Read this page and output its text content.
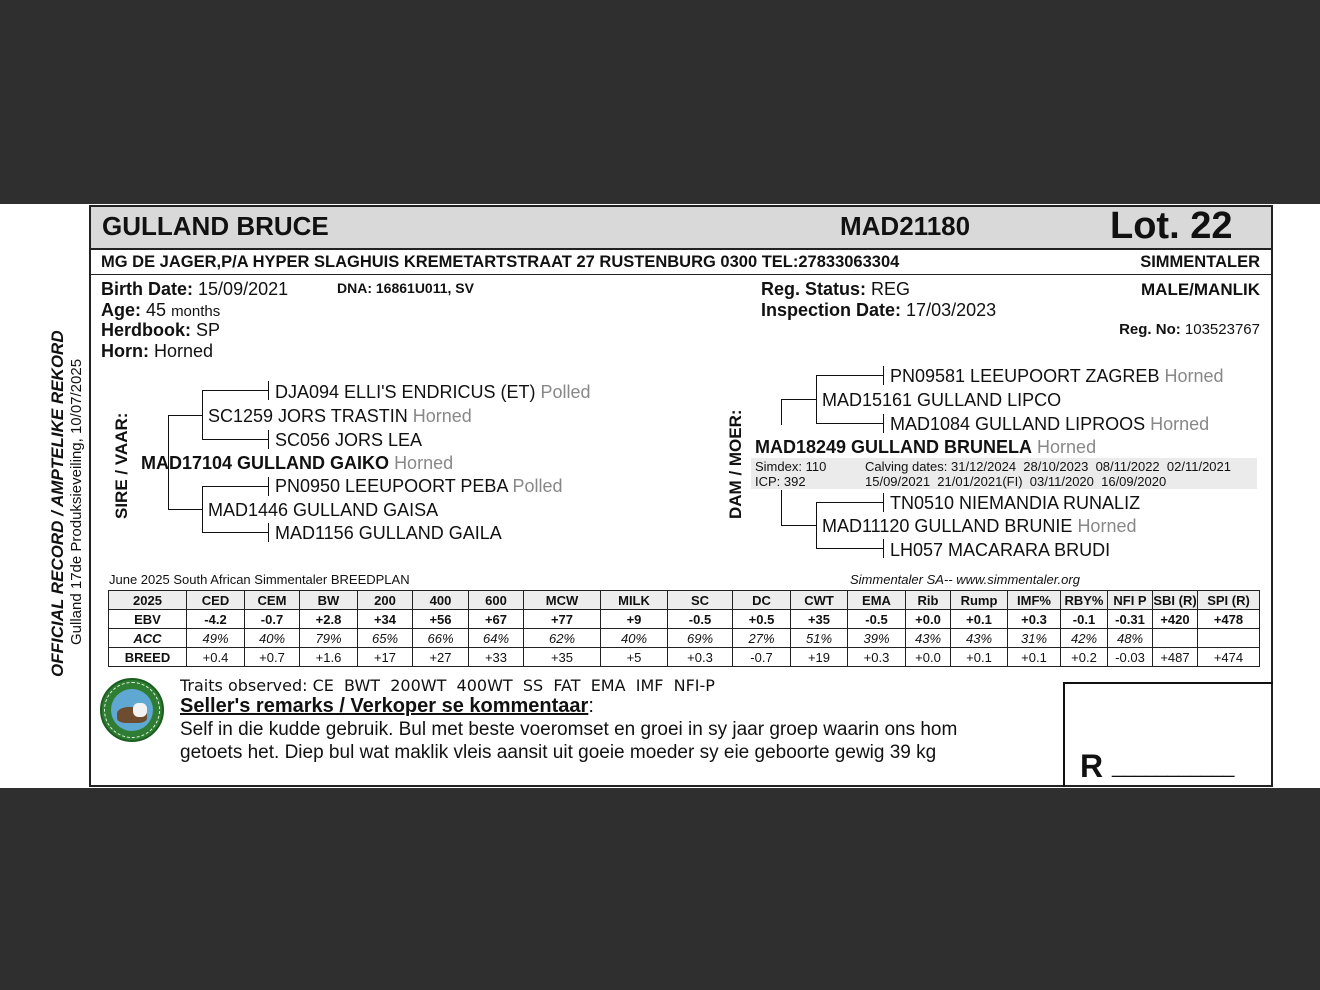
GULLAND BRUCE	MAD21180	Lot. 22
MG DE JAGER,P/A HYPER SLAGHUIS KREMETARTSTRAAT 27 RUSTENBURG 0300 TEL:27833063304	SIMMENTALER
Birth Date: 15/09/2021	DNA: 16861U011, SV
Age: 45 months
Herdbook: SP
Horn: Horned
Reg. Status: REG
Inspection Date: 17/03/2023
MALE/MANLIK
Reg. No: 103523767
OFFICIAL RECORD / AMPTELIKE REKORD Gulland 17de Produksieveiling, 10/07/2025 SIRE / VAAR:	DAM / MOER:
DJA094 ELLI'S ENDRICUS (ET) Polled
SC1259 JORS TRASTIN Horned
SC056 JORS LEA
MAD17104 GULLAND GAIKO Horned
PN0950 LEEUPOORT PEBA Polled
MAD1446 GULLAND GAISA
MAD1156 GULLAND GAILA
PN09581 LEEUPOORT ZAGREB Horned
MAD15161 GULLAND LIPCO
MAD1084 GULLAND LIPROOS Horned
MAD18249 GULLAND BRUNELA Horned
Simdex: 110
ICP: 392
Calving dates: 31/12/2024  28/10/2023  08/11/2022  02/11/2021
15/09/2021  21/01/2021(FI)  03/11/2020  16/09/2020
TN0510 NIEMANDIA RUNALIZ
MAD11120 GULLAND BRUNIE Horned
LH057 MACARARA BRUDI
June 2025 South African Simmentaler BREEDPLAN	Simmentaler SA-- www.simmentaler.org
2025	CED	CEM	BW	200	400	600	MCW	MILK	SC	DC	CWT	EMA	Rib	Rump	IMF%	RBY%	NFI P	SBI (R)	SPI (R)
EBV	-4.2	-0.7	+2.8	+34	+56	+67	+77	+9	-0.5	+0.5	+35	-0.5	+0.0	+0.1	+0.3	-0.1	-0.31	+420	+478
ACC	49%	40%	79%	65%	66%	64%	62%	40%	69%	27%	51%	39%	43%	43%	31%	42%	48%		
BREED	+0.4	+0.7	+1.6	+17	+27	+33	+35	+5	+0.3	-0.7	+19	+0.3	+0.0	+0.1	+0.1	+0.2	-0.03	+487	+474
R ___________
Traits observed: CE  BWT  200WT  400WT  SS  FAT  EMA  IMF  NFI-P
Seller's remarks / Verkoper se kommentaar:
Self in die kudde gebruik. Bul met beste voeromset en groei in sy jaar groep waarin ons hom
getoets het. Diep bul wat maklik vleis aansit uit goeie moeder sy eie geboorte gewig 39 kg
